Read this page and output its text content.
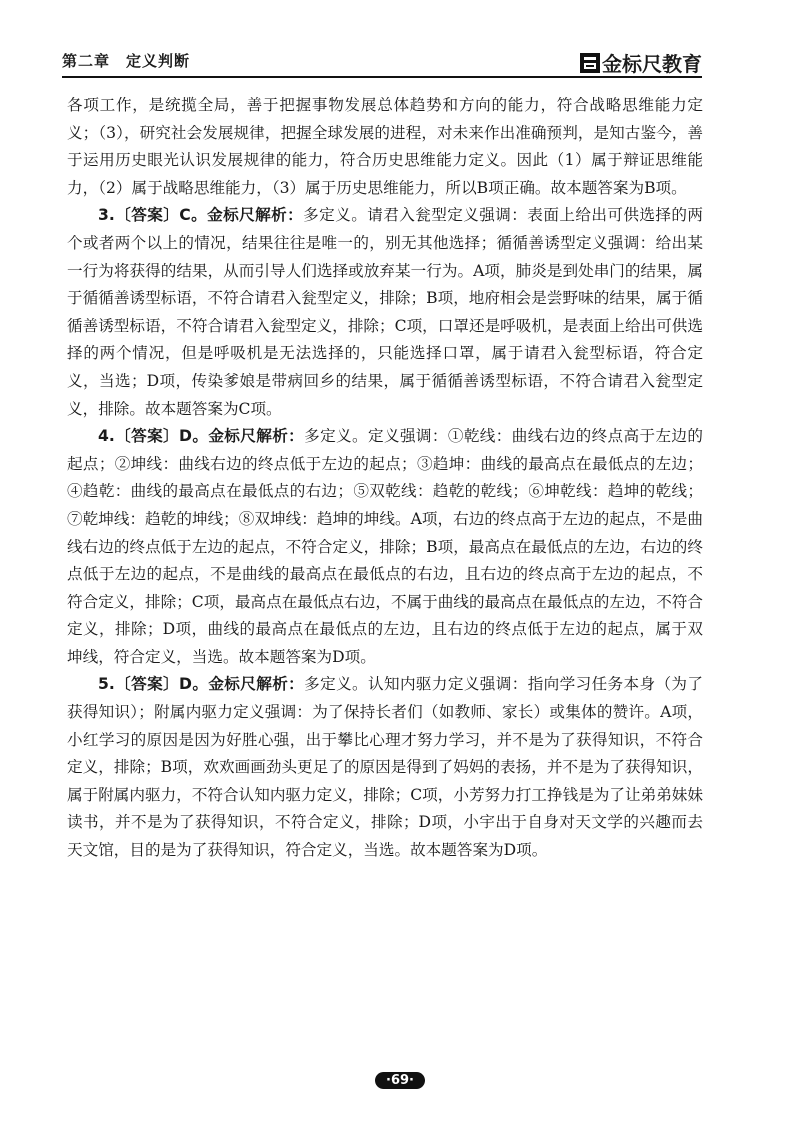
第二章　定义判断	金标尺教育

各项工作，是统揽全局，善于把握事物发展总体趋势和方向的能力，符合战略思维能力定义；（3），研究社会发展规律，把握全球发展的进程，对未来作出准确预判，是知古鉴今，善于运用历史眼光认识发展规律的能力，符合历史思维能力定义。因此（1）属于辩证思维能力，（2）属于战略思维能力，（3）属于历史思维能力，所以B项正确。故本题答案为B项。

3.〔答案〕C。金标尺解析：多定义。请君入瓮型定义强调：表面上给出可供选择的两个或者两个以上的情况，结果往往是唯一的，别无其他选择；循循善诱型定义强调：给出某一行为将获得的结果，从而引导人们选择或放弃某一行为。A项，肺炎是到处串门的结果，属于循循善诱型标语，不符合请君入瓮型定义，排除；B项，地府相会是尝野味的结果，属于循循善诱型标语，不符合请君入瓮型定义，排除；C项，口罩还是呼吸机，是表面上给出可供选择的两个情况，但是呼吸机是无法选择的，只能选择口罩，属于请君入瓮型标语，符合定义，当选；D项，传染爹娘是带病回乡的结果，属于循循善诱型标语，不符合请君入瓮型定义，排除。故本题答案为C项。

4.〔答案〕D。金标尺解析：多定义。定义强调：①乾线：曲线右边的终点高于左边的起点；②坤线：曲线右边的终点低于左边的起点；③趋坤：曲线的最高点在最低点的左边；④趋乾：曲线的最高点在最低点的右边；⑤双乾线：趋乾的乾线；⑥坤乾线：趋坤的乾线；⑦乾坤线：趋乾的坤线；⑧双坤线：趋坤的坤线。A项，右边的终点高于左边的起点，不是曲线右边的终点低于左边的起点，不符合定义，排除；B项，最高点在最低点的左边，右边的终点低于左边的起点，不是曲线的最高点在最低点的右边，且右边的终点高于左边的起点，不符合定义，排除；C项，最高点在最低点右边，不属于曲线的最高点在最低点的左边，不符合定义，排除；D项，曲线的最高点在最低点的左边，且右边的终点低于左边的起点，属于双坤线，符合定义，当选。故本题答案为D项。

5.〔答案〕D。金标尺解析：多定义。认知内驱力定义强调：指向学习任务本身（为了获得知识）；附属内驱力定义强调：为了保持长者们（如教师、家长）或集体的赞许。A项，小红学习的原因是因为好胜心强，出于攀比心理才努力学习，并不是为了获得知识，不符合定义，排除；B项，欢欢画画劲头更足了的原因是得到了妈妈的表扬，并不是为了获得知识，属于附属内驱力，不符合认知内驱力定义，排除；C项，小芳努力打工挣钱是为了让弟弟妹妹读书，并不是为了获得知识，不符合定义，排除；D项，小宇出于自身对天文学的兴趣而去天文馆，目的是为了获得知识，符合定义，当选。故本题答案为D项。

·69·
